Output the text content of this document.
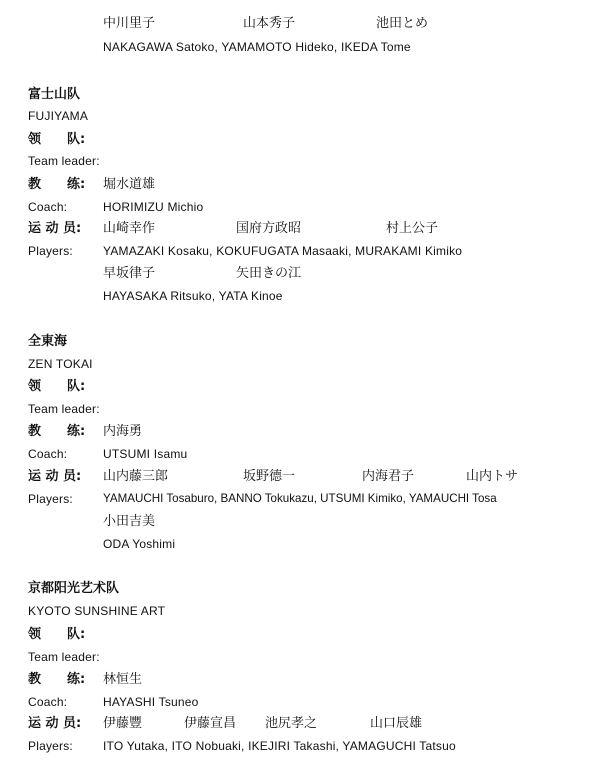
中川里子	山本秀子	池田とめ
NAKAGAWA Satoko, YAMAMOTO Hideko, IKEDA Tome
富士山队
FUJIYAMA
领　　队:
Team leader:
教　　练: 堀水道雄
Coach:	HORIMIZU Michio
运 动 员: 山崎幸作	国府方政昭	村上公子
Players:	YAMAZAKI Kosaku, KOKUFUGATA Masaaki, MURAKAMI Kimiko
早坂律子	矢田きの江
HAYASAKA Ritsuko, YATA Kinoe
全東海
ZEN TOKAI
领　　队:
Team leader:
教　　练: 内海勇
Coach:	UTSUMI Isamu
运 动 员: 山内藤三郎	坂野德一	内海君子	山内トサ
Players:	YAMAUCHI Tosaburo, BANNO Tokukazu, UTSUMI Kimiko, YAMAUCHI Tosa
小田吉美
ODA Yoshimi
京都阳光艺术队
KYOTO SUNSHINE ART
领　　队:
Team leader:
教　　练: 林恒生
Coach:	HAYASHI Tsuneo
运 动 员: 伊藤豐	伊藤宣昌 池尻孝之	山口辰雄
Players:	ITO Yutaka, ITO Nobuaki, IKEJIRI Takashi, YAMAGUCHI Tatsuo
